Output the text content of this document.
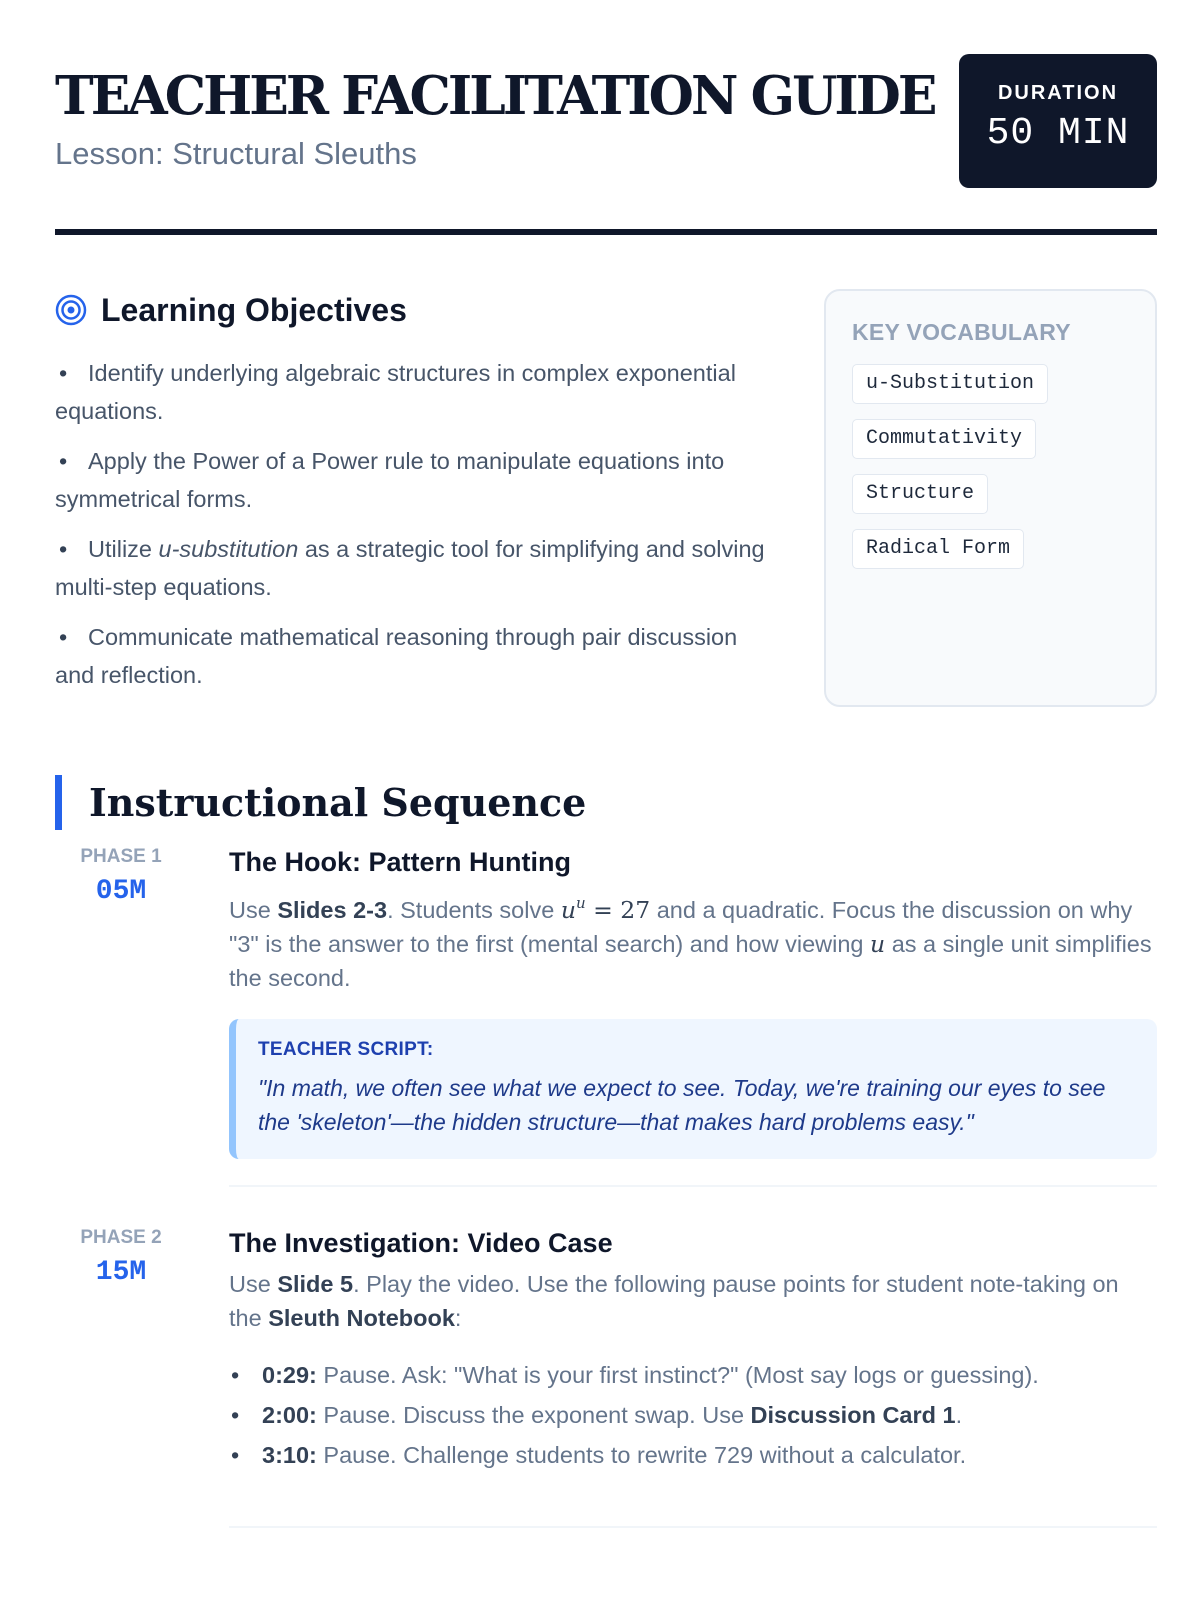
TEACHER FACILITATION GUIDE
Lesson: Structural Sleuths
DURATION
50 MIN
Learning Objectives
• Identify underlying algebraic structures in complex exponential equations.
• Apply the Power of a Power rule to manipulate equations into symmetrical forms.
• Utilize u-substitution as a strategic tool for simplifying and solving multi-step equations.
• Communicate mathematical reasoning through pair discussion and reflection.
KEY VOCABULARY
u-Substitution
Commutativity
Structure
Radical Form
Instructional Sequence
PHASE 1
05M
The Hook: Pattern Hunting
Use Slides 2-3. Students solve $u^u = 27$ and a quadratic. Focus the discussion on why "3" is the answer to the first (mental search) and how viewing u as a single unit simplifies the second.
TEACHER SCRIPT:
"In math, we often see what we expect to see. Today, we're training our eyes to see the 'skeleton'—the hidden structure—that makes hard problems easy."
PHASE 2
15M
The Investigation: Video Case
Use Slide 5. Play the video. Use the following pause points for student note-taking on the Sleuth Notebook:
• 0:29: Pause. Ask: "What is your first instinct?" (Most say logs or guessing).
• 2:00: Pause. Discuss the exponent swap. Use Discussion Card 1.
• 3:10: Pause. Challenge students to rewrite 729 without a calculator.
